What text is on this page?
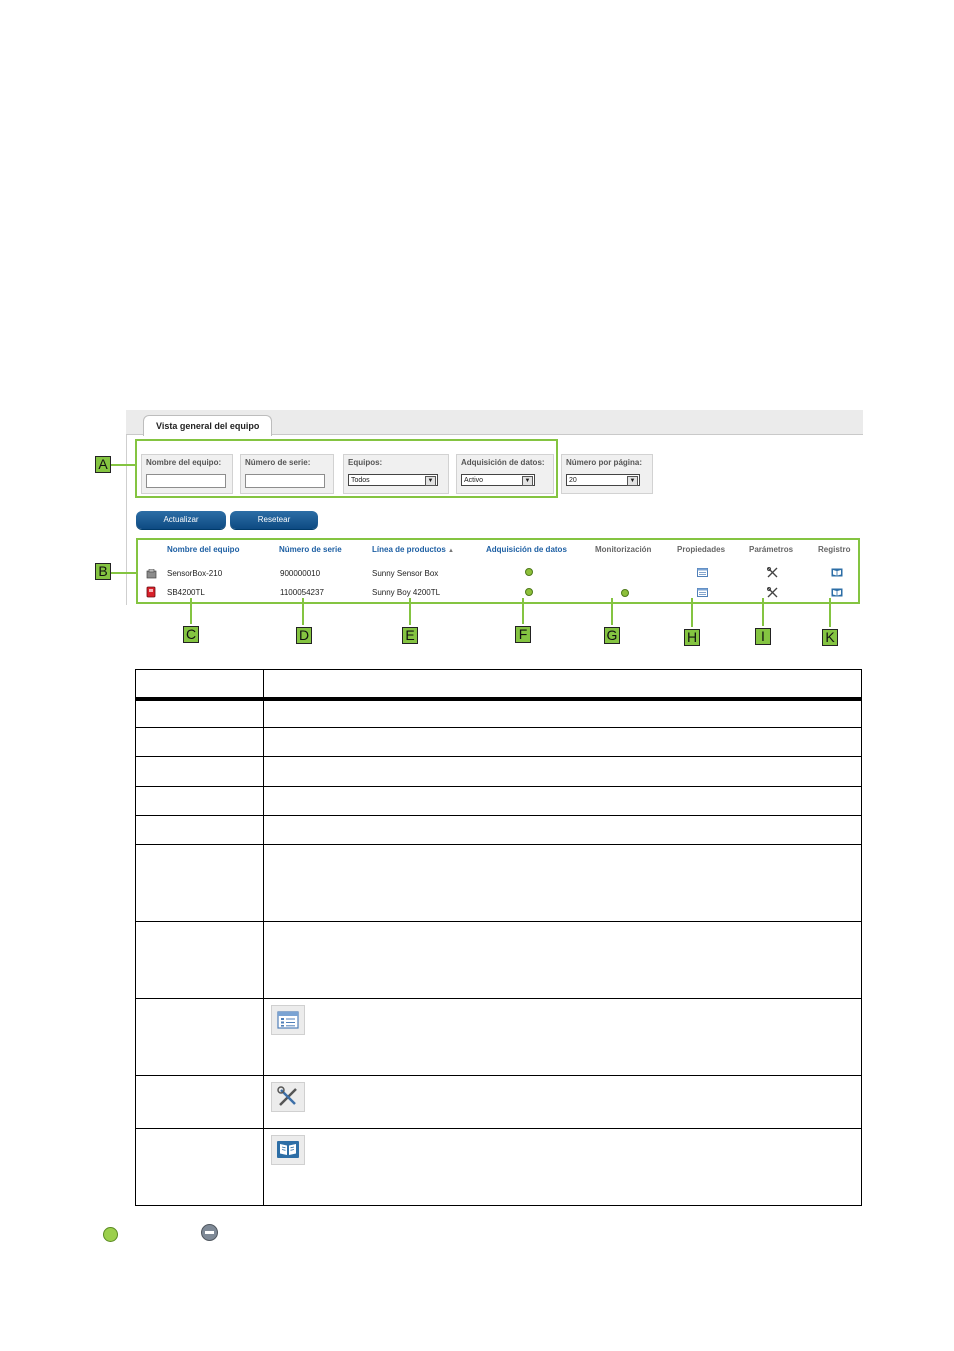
Vista general del equipo
Nombre del equipo:	Número de serie:	Equipos:
Todos	▼
Adquisición de datos:
Activo	▼
Número por página:
20	▼
Actualizar	Resetear
Nombre del equipo	Número de serie	Línea de productos ▲	Adquisición de datos	Monitorización	Propiedades	Parámetros	Registro
SensorBox-210	900000010	Sunny Sensor Box
SB4200TL	1100054237	Sunny Boy 4200TL
A
B
C	D	E	F	G	H	I	K
